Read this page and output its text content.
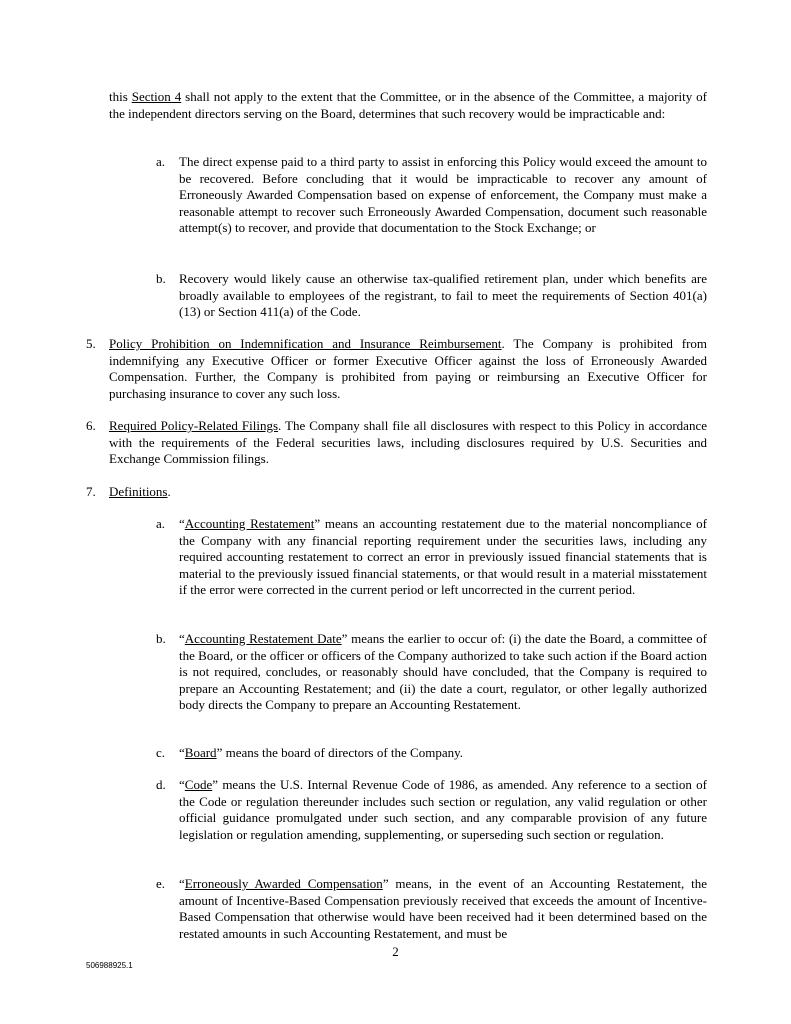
this Section 4 shall not apply to the extent that the Committee, or in the absence of the Committee, a majority of the independent directors serving on the Board, determines that such recovery would be impracticable and:
a. The direct expense paid to a third party to assist in enforcing this Policy would exceed the amount to be recovered. Before concluding that it would be impracticable to recover any amount of Erroneously Awarded Compensation based on expense of enforcement, the Company must make a reasonable attempt to recover such Erroneously Awarded Compensation, document such reasonable attempt(s) to recover, and provide that documentation to the Stock Exchange; or
b. Recovery would likely cause an otherwise tax-qualified retirement plan, under which benefits are broadly available to employees of the registrant, to fail to meet the requirements of Section 401(a)(13) or Section 411(a) of the Code.
5. Policy Prohibition on Indemnification and Insurance Reimbursement. The Company is prohibited from indemnifying any Executive Officer or former Executive Officer against the loss of Erroneously Awarded Compensation. Further, the Company is prohibited from paying or reimbursing an Executive Officer for purchasing insurance to cover any such loss.
6. Required Policy-Related Filings. The Company shall file all disclosures with respect to this Policy in accordance with the requirements of the Federal securities laws, including disclosures required by U.S. Securities and Exchange Commission filings.
7. Definitions.
a. “Accounting Restatement” means an accounting restatement due to the material noncompliance of the Company with any financial reporting requirement under the securities laws, including any required accounting restatement to correct an error in previously issued financial statements that is material to the previously issued financial statements, or that would result in a material misstatement if the error were corrected in the current period or left uncorrected in the current period.
b. “Accounting Restatement Date” means the earlier to occur of: (i) the date the Board, a committee of the Board, or the officer or officers of the Company authorized to take such action if the Board action is not required, concludes, or reasonably should have concluded, that the Company is required to prepare an Accounting Restatement; and (ii) the date a court, regulator, or other legally authorized body directs the Company to prepare an Accounting Restatement.
c. “Board” means the board of directors of the Company.
d. “Code” means the U.S. Internal Revenue Code of 1986, as amended. Any reference to a section of the Code or regulation thereunder includes such section or regulation, any valid regulation or other official guidance promulgated under such section, and any comparable provision of any future legislation or regulation amending, supplementing, or superseding such section or regulation.
e. “Erroneously Awarded Compensation” means, in the event of an Accounting Restatement, the amount of Incentive-Based Compensation previously received that exceeds the amount of Incentive-Based Compensation that otherwise would have been received had it been determined based on the restated amounts in such Accounting Restatement, and must be
2
506988925.1
